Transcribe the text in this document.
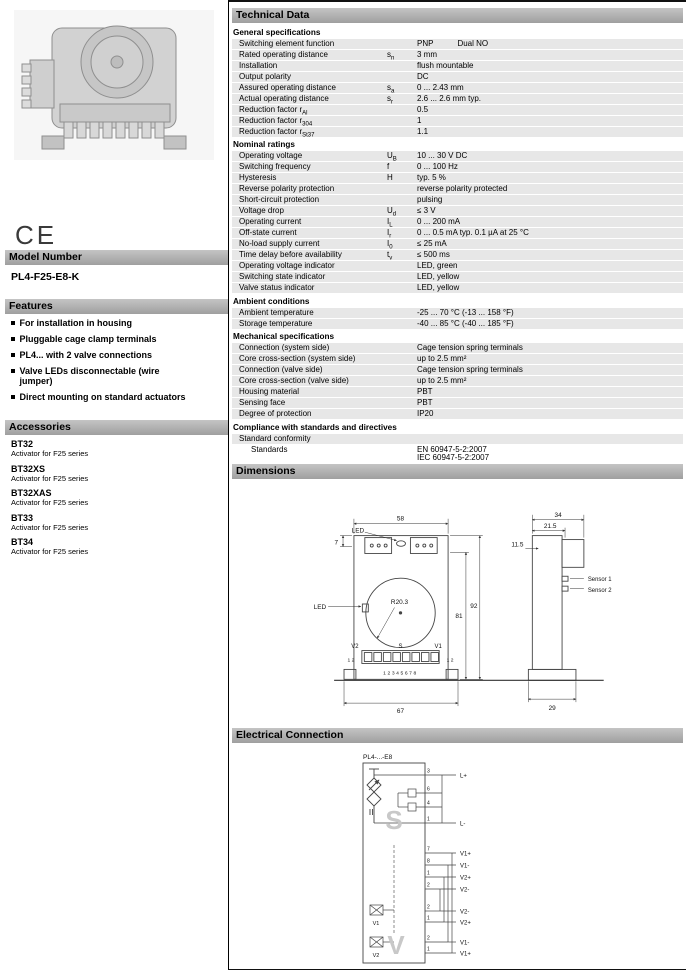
CE
Model Number
PL4-F25-E8-K
Features
For installation in housing
Pluggable cage clamp terminals
PL4... with 2 valve connections
Valve LEDs disconnectable (wire jumper)
Direct mounting on standard actuators
Accessories
BT32
Activator for F25 series
BT32XS
Activator for F25 series
BT32XAS
Activator for F25 series
BT33
Activator for F25 series
BT34
Activator for F25 series
Technical Data
General specifications
Switching element function	PNP	Dual NO
Rated operating distance	$s_n$	3 mm
Installation	flush mountable
Output polarity	DC
Assured operating distance	$s_a$	0 ... 2.43 mm
Actual operating distance	$s_r$	2.6 ... 2.6 mm typ.
Reduction factor $r_{Al}$	0.5
Reduction factor $r_{304}$	1
Reduction factor $r_{St37}$	1.1
Nominal ratings
Operating voltage	$U_B$	10 ... 30 V DC
Switching frequency	f	0 ... 100 Hz
Hysteresis	H	typ. 5 %
Reverse polarity protection	reverse polarity protected
Short-circuit protection	pulsing
Voltage drop	$U_d$	≤ 3 V
Operating current	$I_L$	0 ... 200 mA
Off-state current	$I_r$	0 ... 0.5 mA typ. 0.1 µA at 25 °C
No-load supply current	$I_0$	≤ 25 mA
Time delay before availability	$t_v$	≤ 500 ms
Operating voltage indicator	LED, green
Switching state indicator	LED, yellow
Valve status indicator	LED, yellow
Ambient conditions
Ambient temperature	-25 ... 70 °C (-13 ... 158 °F)
Storage temperature	-40 ... 85 °C (-40 ... 185 °F)
Mechanical specifications
Connection (system side)	Cage tension spring terminals
Core cross-section (system side)	up to 2.5 mm²
Connection (valve side)	Cage tension spring terminals
Core cross-section (valve side)	up to 2.5 mm²
Housing material	PBT
Sensing face	PBT
Degree of protection	IP20
Compliance with standards and directives
Standard conformity
Standards	EN 60947-5-2:2007
IEC 60947-5-2:2007
Dimensions
58
LED
7
LED
R20.3
81
92
67
V2	S	V1
1 2	1 2
12345678
34
21.5
11.5
29
Sensor 1
Sensor 2
Electrical Connection
PL4-...-E8
S
V
3
L+
6
4
1
L-
7
V1+
8
V1-
1
V2+
2
V2-
2
V2-
1
V2+
2
V1-
1
V1+
V1
V2
